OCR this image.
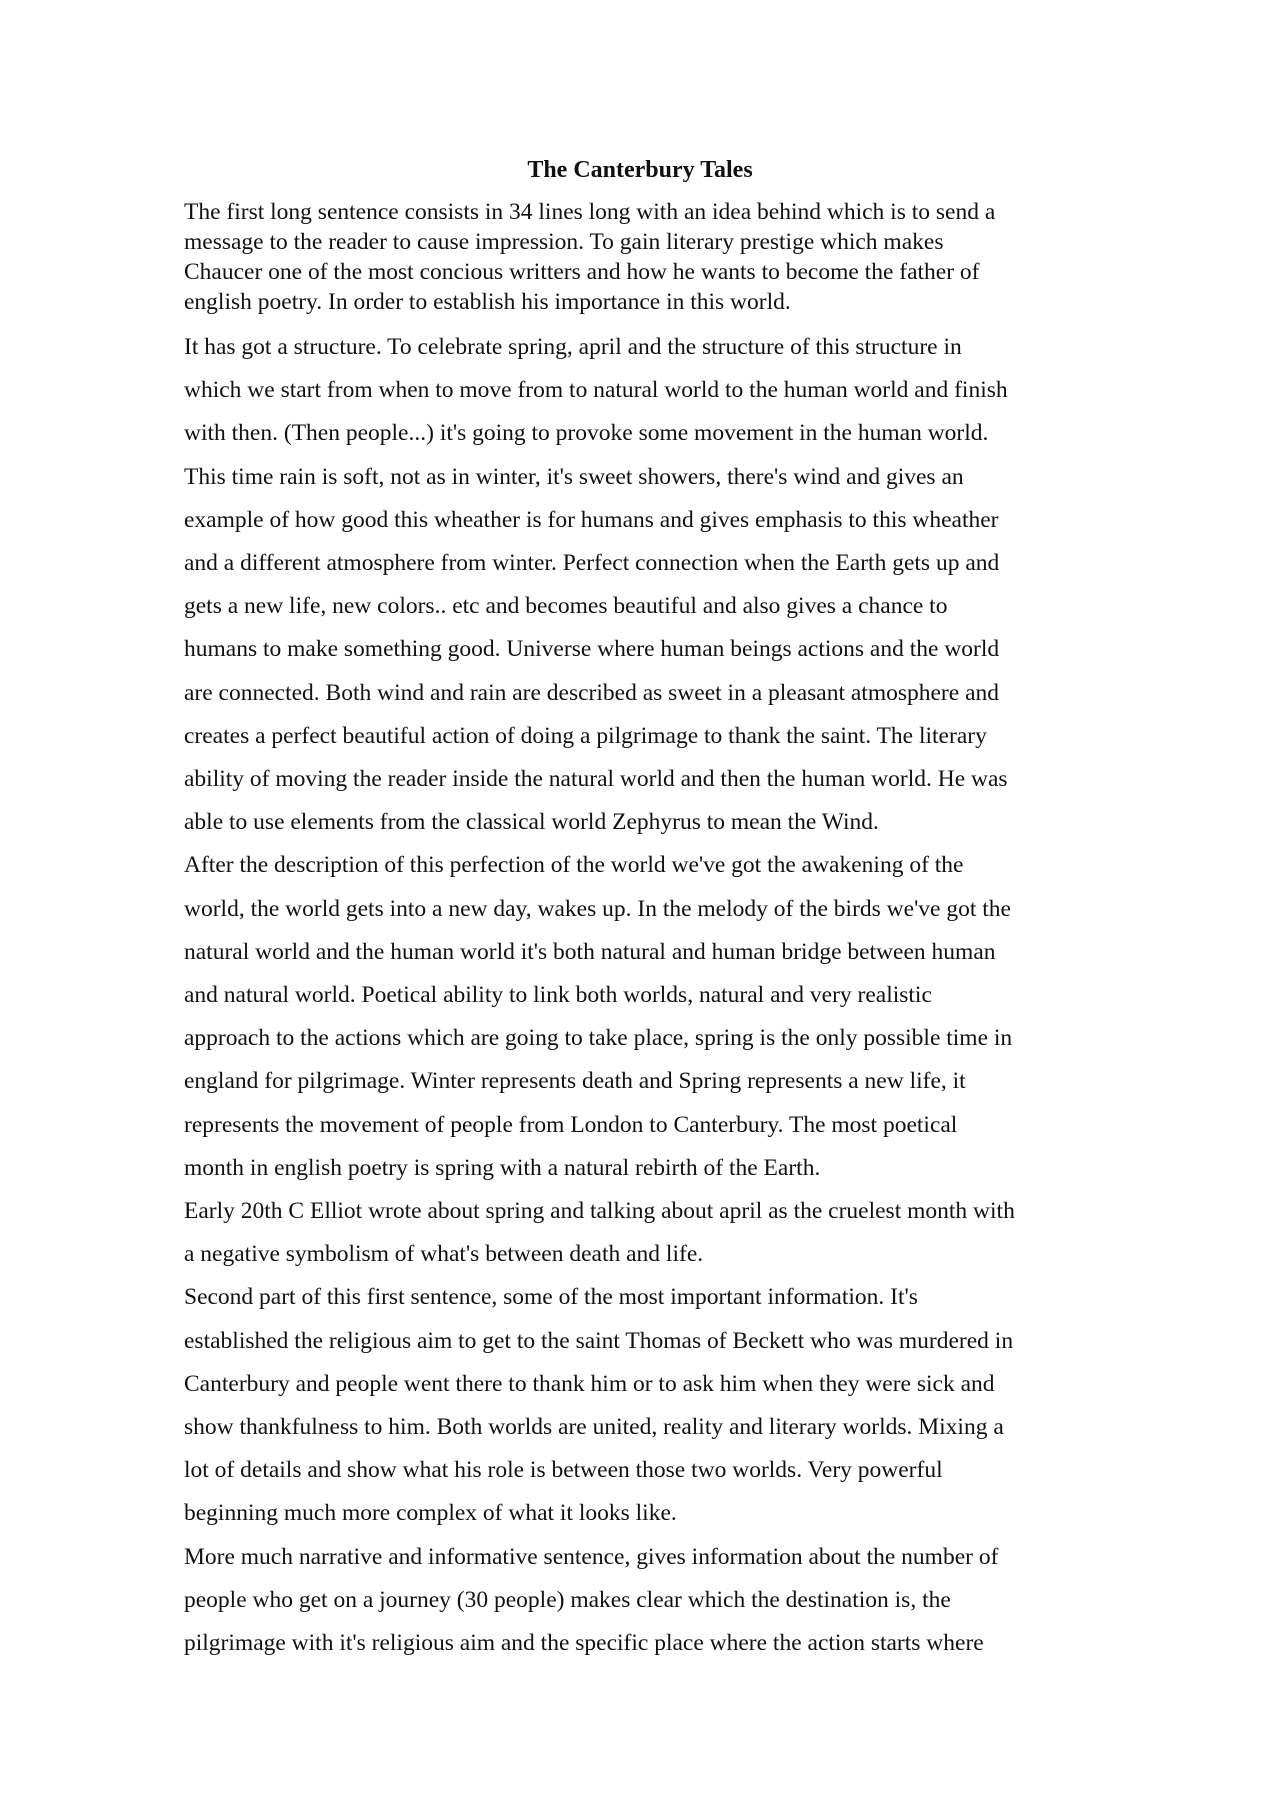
The Canterbury Tales
The first long sentence consists in 34 lines long with an idea behind which is to send a
message to the reader to cause impression. To gain literary prestige which makes
Chaucer one of the most concious writters and how he wants to become the father of
english poetry. In order to establish his importance in this world.
It has got a structure. To celebrate spring, april and the structure of this structure in
which we start from when to move from to natural world to the human world and finish
with then. (Then people...) it's going to provoke some movement in the human world.
This time rain is soft, not as in winter, it's sweet showers, there's wind and gives an
example of how good this wheather is for humans and gives emphasis to this wheather
and a different atmosphere from winter. Perfect connection when the Earth gets up and
gets a new life, new colors.. etc and becomes beautiful and also gives a chance to
humans to make something good. Universe where human beings actions and the world
are connected. Both wind and rain are described as sweet in a pleasant atmosphere and
creates a perfect beautiful action of doing a pilgrimage to thank the saint. The literary
ability of moving the reader inside the natural world and then the human world. He was
able to use elements from the classical world Zephyrus to mean the Wind.
After the description of this perfection of the world we've got the awakening of the
world, the world gets into a new day, wakes up. In the melody of the birds we've got the
natural world and the human world it's both natural and human bridge between human
and natural world. Poetical ability to link both worlds, natural and very realistic
approach to the actions which are going to take place, spring is the only possible time in
england for pilgrimage. Winter represents death and Spring represents a new life, it
represents the movement of people from London to Canterbury. The most poetical
month in english poetry is spring with a natural rebirth of the Earth.
Early 20th C Elliot wrote about spring and talking about april as the cruelest month with
a negative symbolism of what's between death and life.
Second part of this first sentence, some of the most important information. It's
established the religious aim to get to the saint Thomas of Beckett who was murdered in
Canterbury and people went there to thank him or to ask him when they were sick and
show thankfulness to him. Both worlds are united, reality and literary worlds. Mixing a
lot of details and show what his role is between those two worlds. Very powerful
beginning much more complex of what it looks like.
More much narrative and informative sentence, gives information about the number of
people who get on a journey (30 people) makes clear which the destination is, the
pilgrimage with it's religious aim and the specific place where the action starts where
